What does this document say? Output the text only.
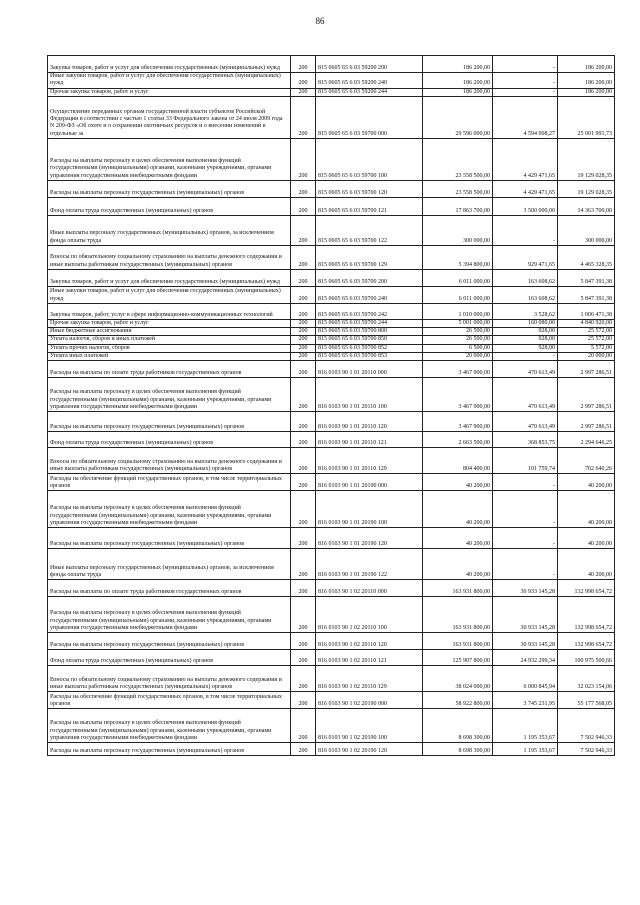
86
Закупка товаров, работ и услуг для обеспечения государственных (муниципальных) нужд	200	815 0605 65 6 03 59200 200	186 200,00	-	186 200,00
Иные закупки товаров, работ и услуг для обеспечения государственных (муниципальных) нужд	200	815 0605 65 6 03 59200 240	186 200,00	-	186 200,00
Прочая закупка товаров, работ и услуг	200	815 0605 65 6 03 59200 244	186 200,00	-	186 200,00
Осуществление переданных органам государственной власти субъектов Российской Федерации в соответствии с частью 1 статьи 33 Федерального закона от 24 июля 2009 года N 209-ФЗ «Об охоте и о сохранении охотничьих ресурсов и о внесении изменений в отдельные за	200	815 0605 65 6 03 59700 000	29 596 000,00	4 594 008,27	25 001 991,73
Расходы на выплаты персоналу в целях обеспечения выполнения функций государственными (муниципальными) органами, казенными учреждениями, органами управления государственными внебюджетными фондами	200	815 0605 65 6 03 59700 100	23 558 500,00	4 429 471,65	19 129 028,35
Расходы на выплаты персоналу государственных (муниципальных) органов	200	815 0605 65 6 03 59700 120	23 558 500,00	4 429 471,65	19 129 028,35
Фонд оплаты труда государственных (муниципальных) органов	200	815 0605 65 6 03 59700 121	17 863 700,00	3 500 000,00	14 363 700,00
Иные выплаты персоналу государственных (муниципальных) органов, за исключением фонда оплаты труда	200	815 0605 65 6 03 59700 122	300 000,00	-	300 000,00
Взносы по обязательному социальному страхованию на выплаты денежного содержания и иные выплаты работникам государственных (муниципальных) органов	200	815 0605 65 6 03 59700 129	5 394 800,00	929 471,65	4 465 328,35
Закупка товаров, работ и услуг для обеспечения государственных (муниципальных) нужд	200	815 0605 65 6 03 59700 200	6 011 000,00	163 608,62	5 847 391,38
Иные закупки товаров, работ и услуг для обеспечения государственных (муниципальных) нужд	200	815 0605 65 6 03 59700 240	6 011 000,00	163 608,62	5 847 391,38
Закупка товаров, работ, услуг в сфере информационно-коммуникационных технологий	200	815 0605 65 6 03 59700 242	1 010 000,00	3 528,62	1 006 471,38
Прочая закупка товаров, работ и услуг	200	815 0605 65 6 03 59700 244	5 001 000,00	160 080,00	4 840 920,00
Иные бюджетные ассигнования	200	815 0605 65 6 03 59700 800	26 500,00	928,00	25 572,00
Уплата налогов, сборов и иных платежей	200	815 0605 65 6 03 59700 850	26 500,00	928,00	25 572,00
Уплата прочих налогов, сборов	200	815 0605 65 6 03 59700 852	6 500,00	928,00	5 572,00
Уплата иных платежей	200	815 0605 65 6 03 59700 853	20 000,00	-	20 000,00
Расходы на выплаты по оплате труда работников государственных органов	200	816 0103 90 1 01 20110 000	3 467 900,00	470 613,49	2 997 286,51
Расходы на выплаты персоналу в целях обеспечения выполнения функций государственными (муниципальными) органами, казенными учреждениями, органами управления государственными внебюджетными фондами	200	816 0103 90 1 01 20110 100	3 467 900,00	470 613,49	2 997 286,51
Расходы на выплаты персоналу государственных (муниципальных) органов	200	816 0103 90 1 01 20110 120	3 467 900,00	470 613,49	2 997 286,51
Фонд оплаты труда государственных (муниципальных) органов	200	816 0103 90 1 01 20110 121	2 663 500,00	368 853,75	2 294 646,25
Взносы по обязательному социальному страхованию на выплаты денежного содержания и иные выплаты работникам государственных (муниципальных) органов	200	816 0103 90 1 01 20110 129	804 400,00	101 759,74	702 640,26
Расходы на обеспечение функций государственных органов, в том числе территориальных органов	200	816 0103 90 1 01 20190 000	40 200,00	-	40 200,00
Расходы на выплаты персоналу в целях обеспечения выполнения функций государственными (муниципальными) органами, казенными учреждениями, органами управления государственными внебюджетными фондами	200	816 0103 90 1 01 20190 100	40 200,00	-	40 200,00
Расходы на выплаты персоналу государственных (муниципальных) органов	200	816 0103 90 1 01 20190 120	40 200,00	-	40 200,00
Иные выплаты персоналу государственных (муниципальных) органов, за исключением фонда оплаты труда	200	816 0103 90 1 01 20190 122	40 200,00	-	40 200,00
Расходы на выплаты по оплате труда работников государственных органов	200	816 0103 90 1 02 20110 000	163 931 800,00	30 933 145,28	132 998 654,72
Расходы на выплаты персоналу в целях обеспечения выполнения функций государственными (муниципальными) органами, казенными учреждениями, органами управления государственными внебюджетными фондами	200	816 0103 90 1 02 20110 100	163 931 800,00	30 933 145,28	132 998 654,72
Расходы на выплаты персоналу государственных (муниципальных) органов	200	816 0103 90 1 02 20110 120	163 931 800,00	30 933 145,28	132 998 654,72
Фонд оплаты труда государственных (муниципальных) органов	200	816 0103 90 1 02 20110 121	125 907 800,00	24 932 299,34	100 975 500,66
Взносы по обязательному социальному страхованию на выплаты денежного содержания и иные выплаты работникам государственных (муниципальных) органов	200	816 0103 90 1 02 20110 129	38 024 000,00	6 000 845,94	32 023 154,06
Расходы на обеспечение функций государственных органов, в том числе территориальных органов	200	816 0103 90 1 02 20190 000	58 922 800,00	3 745 231,95	55 177 568,05
Расходы на выплаты персоналу в целях обеспечения выполнения функций государственными (муниципальными) органами, казенными учреждениями, органами управления государственными внебюджетными фондами	200	816 0103 90 1 02 20190 100	8 698 300,00	1 195 353,67	7 502 946,33
Расходы на выплаты персоналу государственных (муниципальных) органов	200	816 0103 90 1 02 20190 120	8 698 300,00	1 195 353,67	7 502 946,33
